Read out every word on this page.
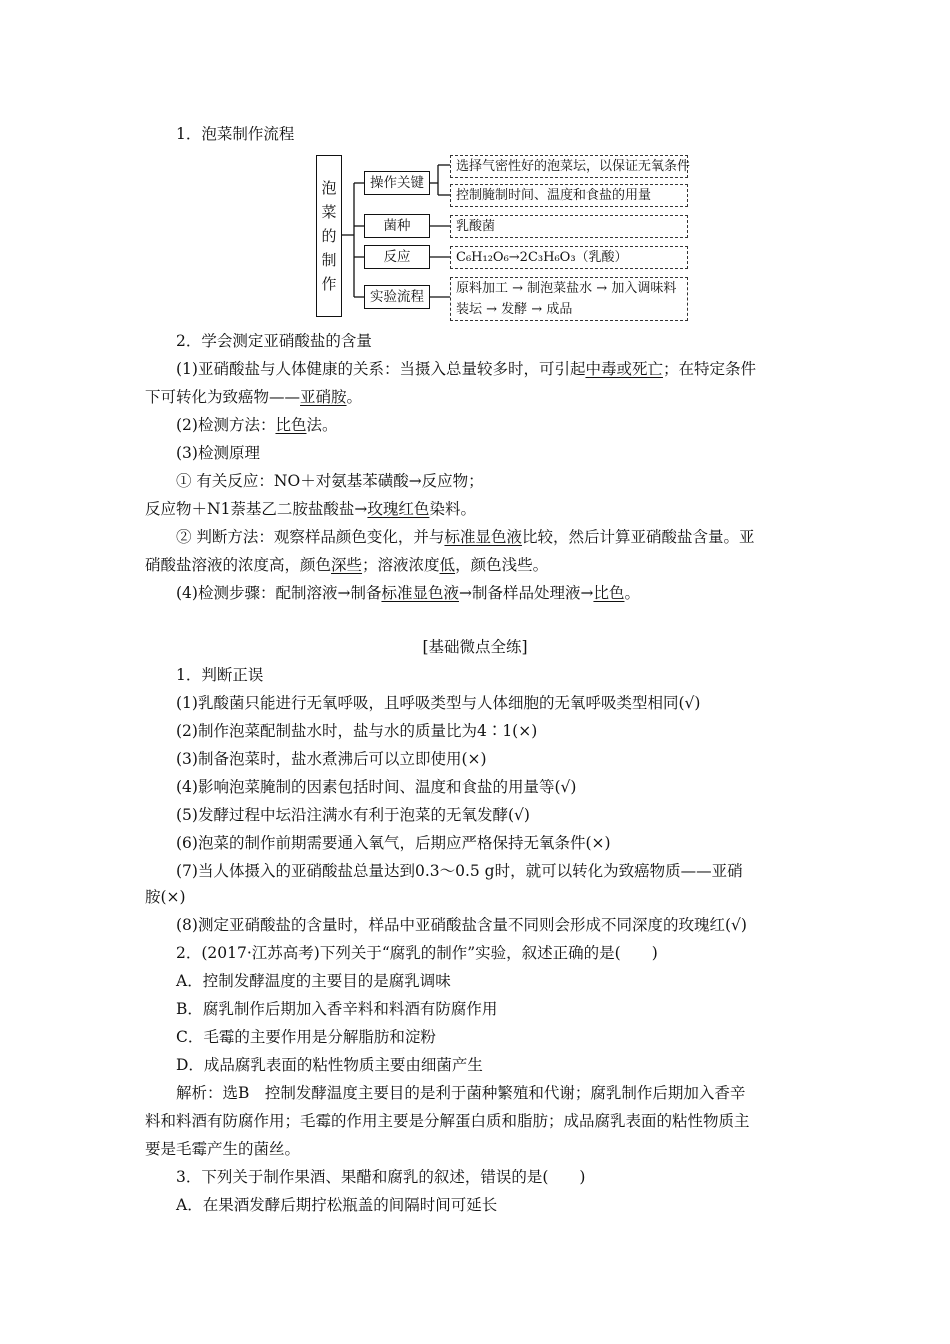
1．泡菜制作流程
泡
菜
的
制
作
操作关键
菌种
反应
实验流程
选择气密性好的泡菜坛，以保证无氧条件
控制腌制时间、温度和食盐的用量
乳酸菌
C₆H₁₂O₆→2C₃H₆O₃（乳酸）
原料加工 → 制泡菜盐水 → 加入调味料
装坛 → 发酵 → 成品
2．学会测定亚硝酸盐的含量
(1)亚硝酸盐与人体健康的关系：当摄入总量较多时，可引起中毒或死亡；在特定条件
下可转化为致癌物——亚硝胺。
(2)检测方法：比色法。
(3)检测原理
① 有关反应：NO＋对氨基苯磺酸→反应物；
反应物＋N1萘基乙二胺盐酸盐→玫瑰红色染料。
② 判断方法：观察样品颜色变化，并与标准显色液比较，然后计算亚硝酸盐含量。亚
硝酸盐溶液的浓度高，颜色深些；溶液浓度低，颜色浅些。
(4)检测步骤：配制溶液→制备标准显色液→制备样品处理液→比色。
[基础微点全练]
1．判断正误
(1)乳酸菌只能进行无氧呼吸，且呼吸类型与人体细胞的无氧呼吸类型相同(√)
(2)制作泡菜配制盐水时，盐与水的质量比为4∶1(×)
(3)制备泡菜时，盐水煮沸后可以立即使用(×)
(4)影响泡菜腌制的因素包括时间、温度和食盐的用量等(√)
(5)发酵过程中坛沿注满水有利于泡菜的无氧发酵(√)
(6)泡菜的制作前期需要通入氧气，后期应严格保持无氧条件(×)
(7)当人体摄入的亚硝酸盐总量达到0.3～0.5 g时，就可以转化为致癌物质——亚硝
胺(×)
(8)测定亚硝酸盐的含量时，样品中亚硝酸盐含量不同则会形成不同深度的玫瑰红(√)
2．(2017·江苏高考)下列关于“腐乳的制作”实验，叙述正确的是(　　)
A．控制发酵温度的主要目的是腐乳调味
B．腐乳制作后期加入香辛料和料酒有防腐作用
C．毛霉的主要作用是分解脂肪和淀粉
D．成品腐乳表面的粘性物质主要由细菌产生
解析：选B　控制发酵温度主要目的是利于菌种繁殖和代谢；腐乳制作后期加入香辛
料和料酒有防腐作用；毛霉的作用主要是分解蛋白质和脂肪；成品腐乳表面的粘性物质主
要是毛霉产生的菌丝。
3．下列关于制作果酒、果醋和腐乳的叙述，错误的是(　　)
A．在果酒发酵后期拧松瓶盖的间隔时间可延长
